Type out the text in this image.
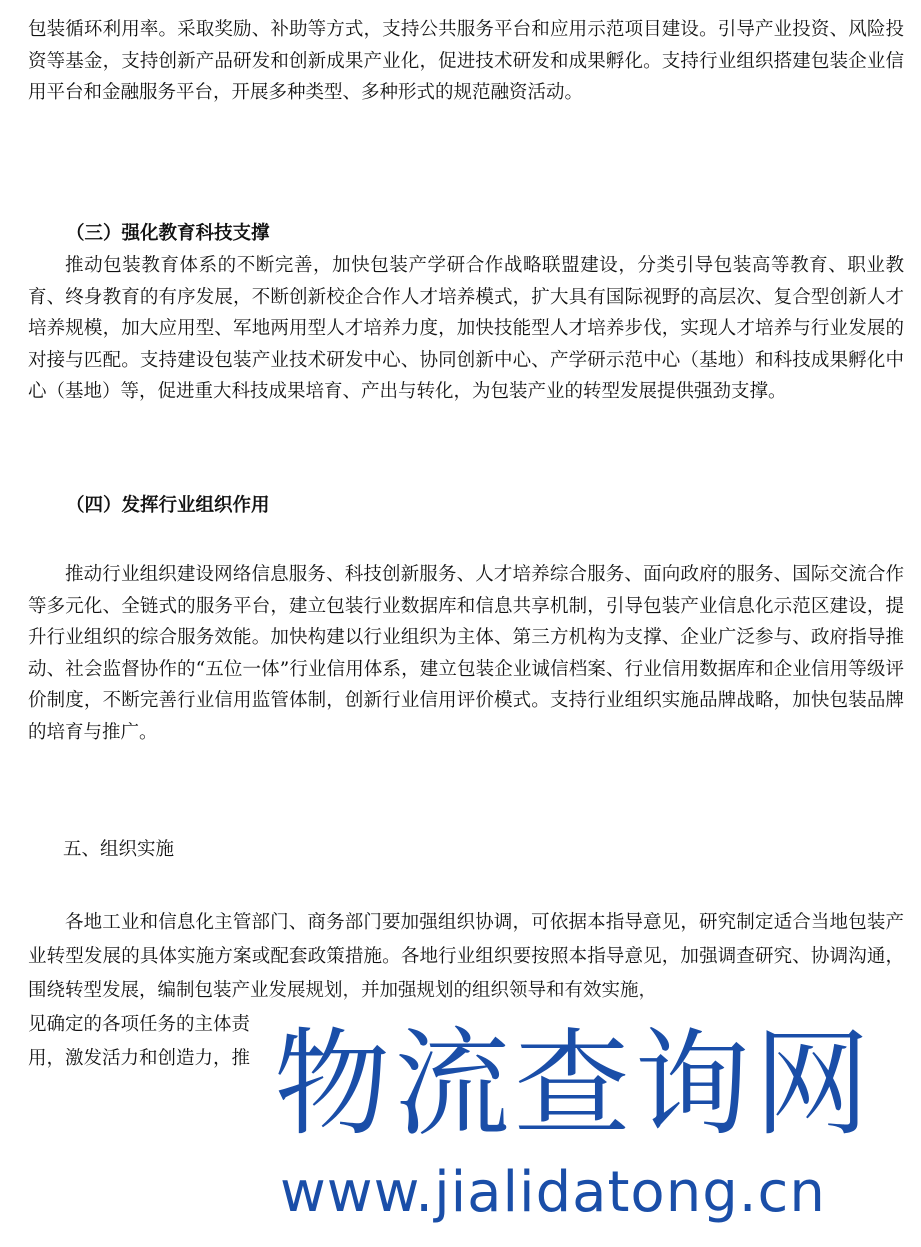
包装循环利用率。采取奖励、补助等方式，支持公共服务平台和应用示范项目建设。引导产业投资、风险投资等基金，支持创新产品研发和创新成果产业化，促进技术研发和成果孵化。支持行业组织搭建包装企业信用平台和金融服务平台，开展多种类型、多种形式的规范融资活动。

（三）强化教育科技支撑

推动包装教育体系的不断完善，加快包装产学研合作战略联盟建设，分类引导包装高等教育、职业教育、终身教育的有序发展，不断创新校企合作人才培养模式，扩大具有国际视野的高层次、复合型创新人才培养规模，加大应用型、军地两用型人才培养力度，加快技能型人才培养步伐，实现人才培养与行业发展的对接与匹配。支持建设包装产业技术研发中心、协同创新中心、产学研示范中心（基地）和科技成果孵化中心（基地）等，促进重大科技成果培育、产出与转化，为包装产业的转型发展提供强劲支撑。

（四）发挥行业组织作用

推动行业组织建设网络信息服务、科技创新服务、人才培养综合服务、面向政府的服务、国际交流合作等多元化、全链式的服务平台，建立包装行业数据库和信息共享机制，引导包装产业信息化示范区建设，提升行业组织的综合服务效能。加快构建以行业组织为主体、第三方机构为支撑、企业广泛参与、政府指导推动、社会监督协作的“五位一体”行业信用体系，建立包装企业诚信档案、行业信用数据库和企业信用等级评价制度，不断完善行业信用监管体制，创新行业信用评价模式。支持行业组织实施品牌战略，加快包装品牌的培育与推广。

五、组织实施

各地工业和信息化主管部门、商务部门要加强组织协调，可依据本指导意见，研究制定适合当地包装产业转型发展的具体实施方案或配套政策措施。各地行业组织要按照本指导意见，加强调查研究、协调沟通，围绕转型发展，编制包装产业发展规划，并加强规划的组织领导和有效实施，

见确定的各项任务的主体责

用，激发活力和创造力，推 物流查询网
www.jialidatong.cn
